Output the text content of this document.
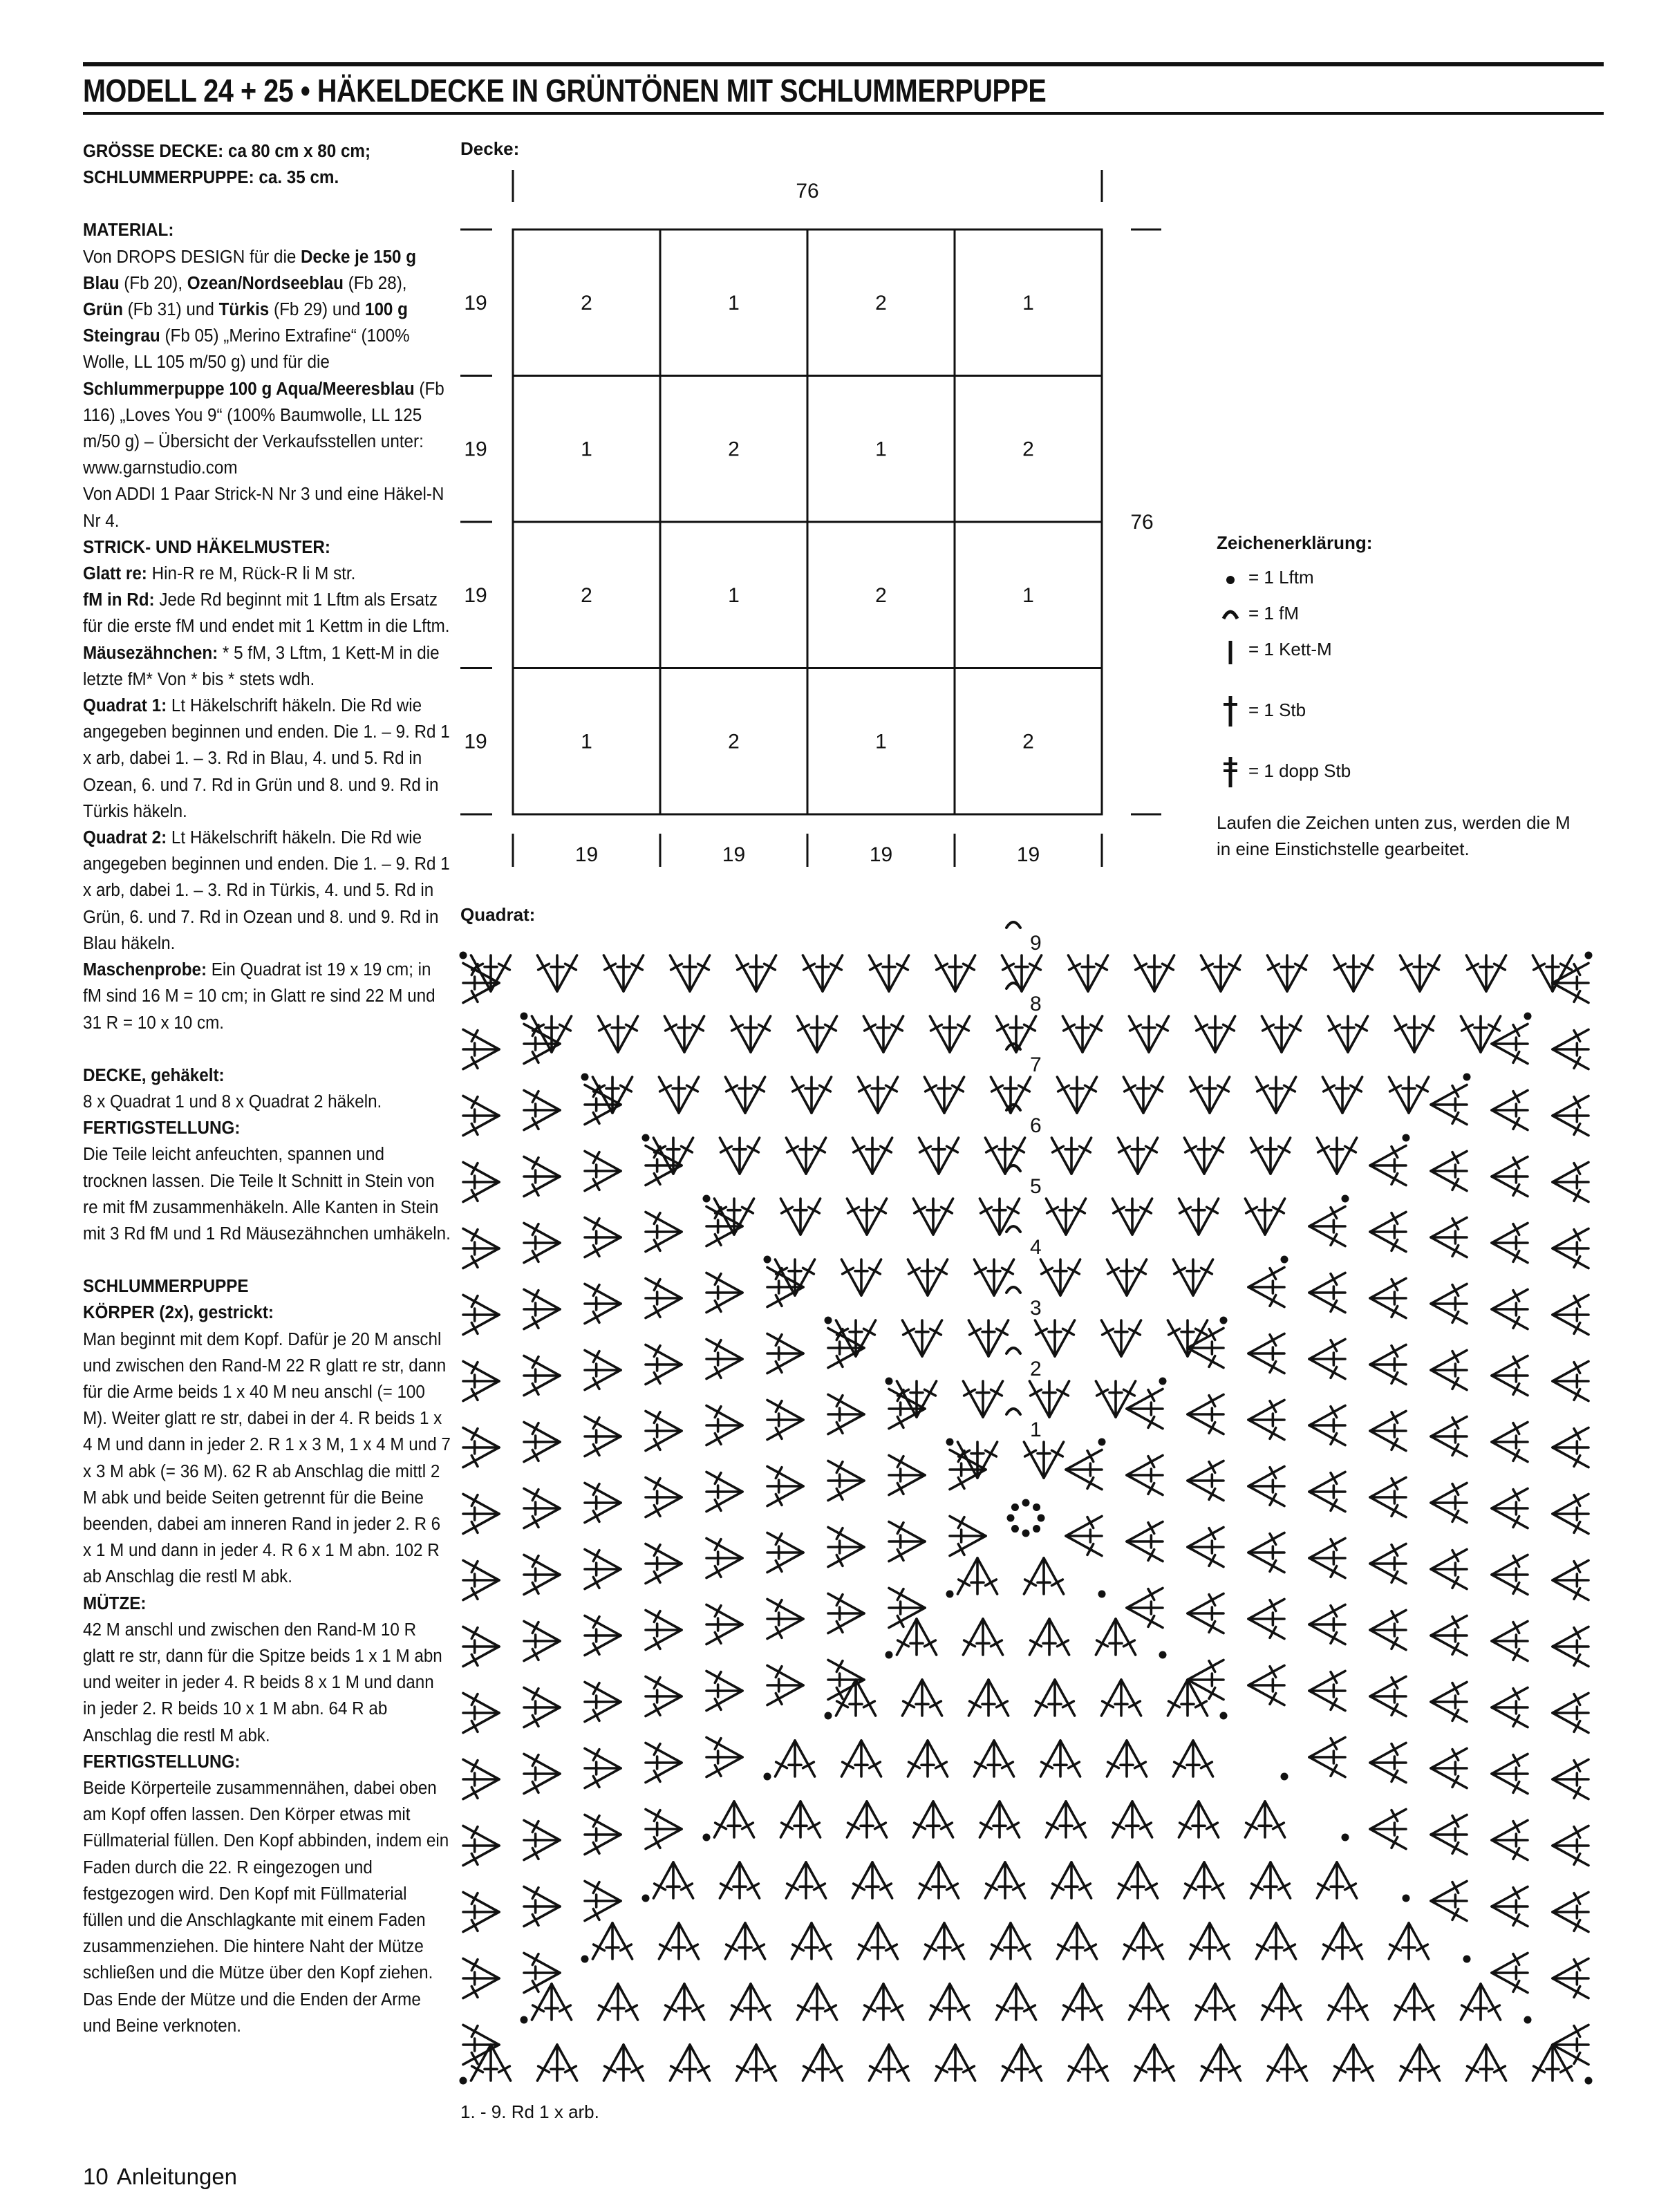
MODELL 24 + 25 • HÄKELDECKE IN GRÜNTÖNEN MIT SCHLUMMERPUPPE

GRÖSSE DECKE: ca 80 cm x 80 cm;

SCHLUMMERPUPPE: ca. 35 cm.

MATERIAL:

Von DROPS DESIGN für die Decke je 150 g Blau (Fb 20), Ozean/Nordseeblau (Fb 28), Grün (Fb 31) und Türkis (Fb 29) und 100 g Steingrau (Fb 05) „Merino Extrafine“ (100% Wolle, LL 105 m/50 g) und für die Schlummerpuppe 100 g Aqua/Meeresblau (Fb 116) „Loves You 9“ (100% Baumwolle, LL 125 m/50 g) – Übersicht der Verkaufsstellen unter: www.garnstudio.com

Von ADDI 1 Paar Strick-N Nr 3 und eine Häkel-N Nr 4.

STRICK- UND HÄKELMUSTER:

Glatt re: Hin-R re M, Rück-R li M str.

fM in Rd: Jede Rd beginnt mit 1 Lftm als Ersatz für die erste fM und endet mit 1 Kettm in die Lftm.

Mäusezähnchen: * 5 fM, 3 Lftm, 1 Kett-M in die letzte fM* Von * bis * stets wdh.

Quadrat 1: Lt Häkelschrift häkeln. Die Rd wie angegeben beginnen und enden. Die 1. – 9. Rd 1 x arb, dabei 1. – 3. Rd in Blau, 4. und 5. Rd in Ozean, 6. und 7. Rd in Grün und 8. und 9. Rd in Türkis häkeln.

Quadrat 2: Lt Häkelschrift häkeln. Die Rd wie angegeben beginnen und enden. Die 1. – 9. Rd 1 x arb, dabei 1. – 3. Rd in Türkis, 4. und 5. Rd in Grün, 6. und 7. Rd in Ozean und 8. und 9. Rd in Blau häkeln.

Maschenprobe: Ein Quadrat ist 19 x 19 cm; in fM sind 16 M = 10 cm; in Glatt re sind 22 M und 31 R = 10 x 10 cm.

DECKE, gehäkelt:

8 x Quadrat 1 und 8 x Quadrat 2 häkeln.

FERTIGSTELLUNG:

Die Teile leicht anfeuchten, spannen und trocknen lassen. Die Teile lt Schnitt in Stein von re mit fM zusammenhäkeln. Alle Kanten in Stein mit 3 Rd fM und 1 Rd Mäusezähnchen umhäkeln.

SCHLUMMERPUPPE

KÖRPER (2x), gestrickt:

Man beginnt mit dem Kopf. Dafür je 20 M anschl und zwischen den Rand-M 22 R glatt re str, dann für die Arme beids 1 x 40 M neu anschl (= 100 M). Weiter glatt re str, dabei in der 4. R beids 1 x 4 M und dann in jeder 2. R 1 x 3 M, 1 x 4 M und 7 x 3 M abk (= 36 M). 62 R ab Anschlag die mittl 2 M abk und beide Seiten getrennt für die Beine beenden, dabei am inneren Rand in jeder 2. R 6 x 1 M und dann in jeder 4. R 6 x 1 M abn. 102 R ab Anschlag die restl M abk.

MÜTZE:

42 M anschl und zwischen den Rand-M 10 R glatt re str, dann für die Spitze beids 1 x 1 M abn und weiter in jeder 4. R beids 8 x 1 M und dann in jeder 2. R beids 10 x 1 M abn. 64 R ab Anschlag die restl M abk.

FERTIGSTELLUNG:

Beide Körperteile zusammennähen, dabei oben am Kopf offen lassen. Den Körper etwas mit Füllmaterial füllen. Den Kopf abbinden, indem ein Faden durch die 22. R eingezogen und festgezogen wird. Den Kopf mit Füllmaterial füllen und die Anschlagkante mit einem Faden zusammenziehen. Die hintere Naht der Mütze schließen und die Mütze über den Kopf ziehen. Das Ende der Mütze und die Enden der Arme und Beine verknoten.

10 Anleitungen
Decke:
76
19	19	19	19
19
19
19
19
76
2	1	2	1
1	2	1	2
2	1	2	1
1	2	1	2
Zeichenerklärung:
= 1 Lftm
= 1 fM
= 1 Kett-M
= 1 Stb
= 1 dopp Stb
Laufen die Zeichen unten zus, werden die M in eine Einstichstelle gearbeitet.
Quadrat:
1
2
3
4
5
6
7
8
9
1. - 9. Rd 1 x arb.
